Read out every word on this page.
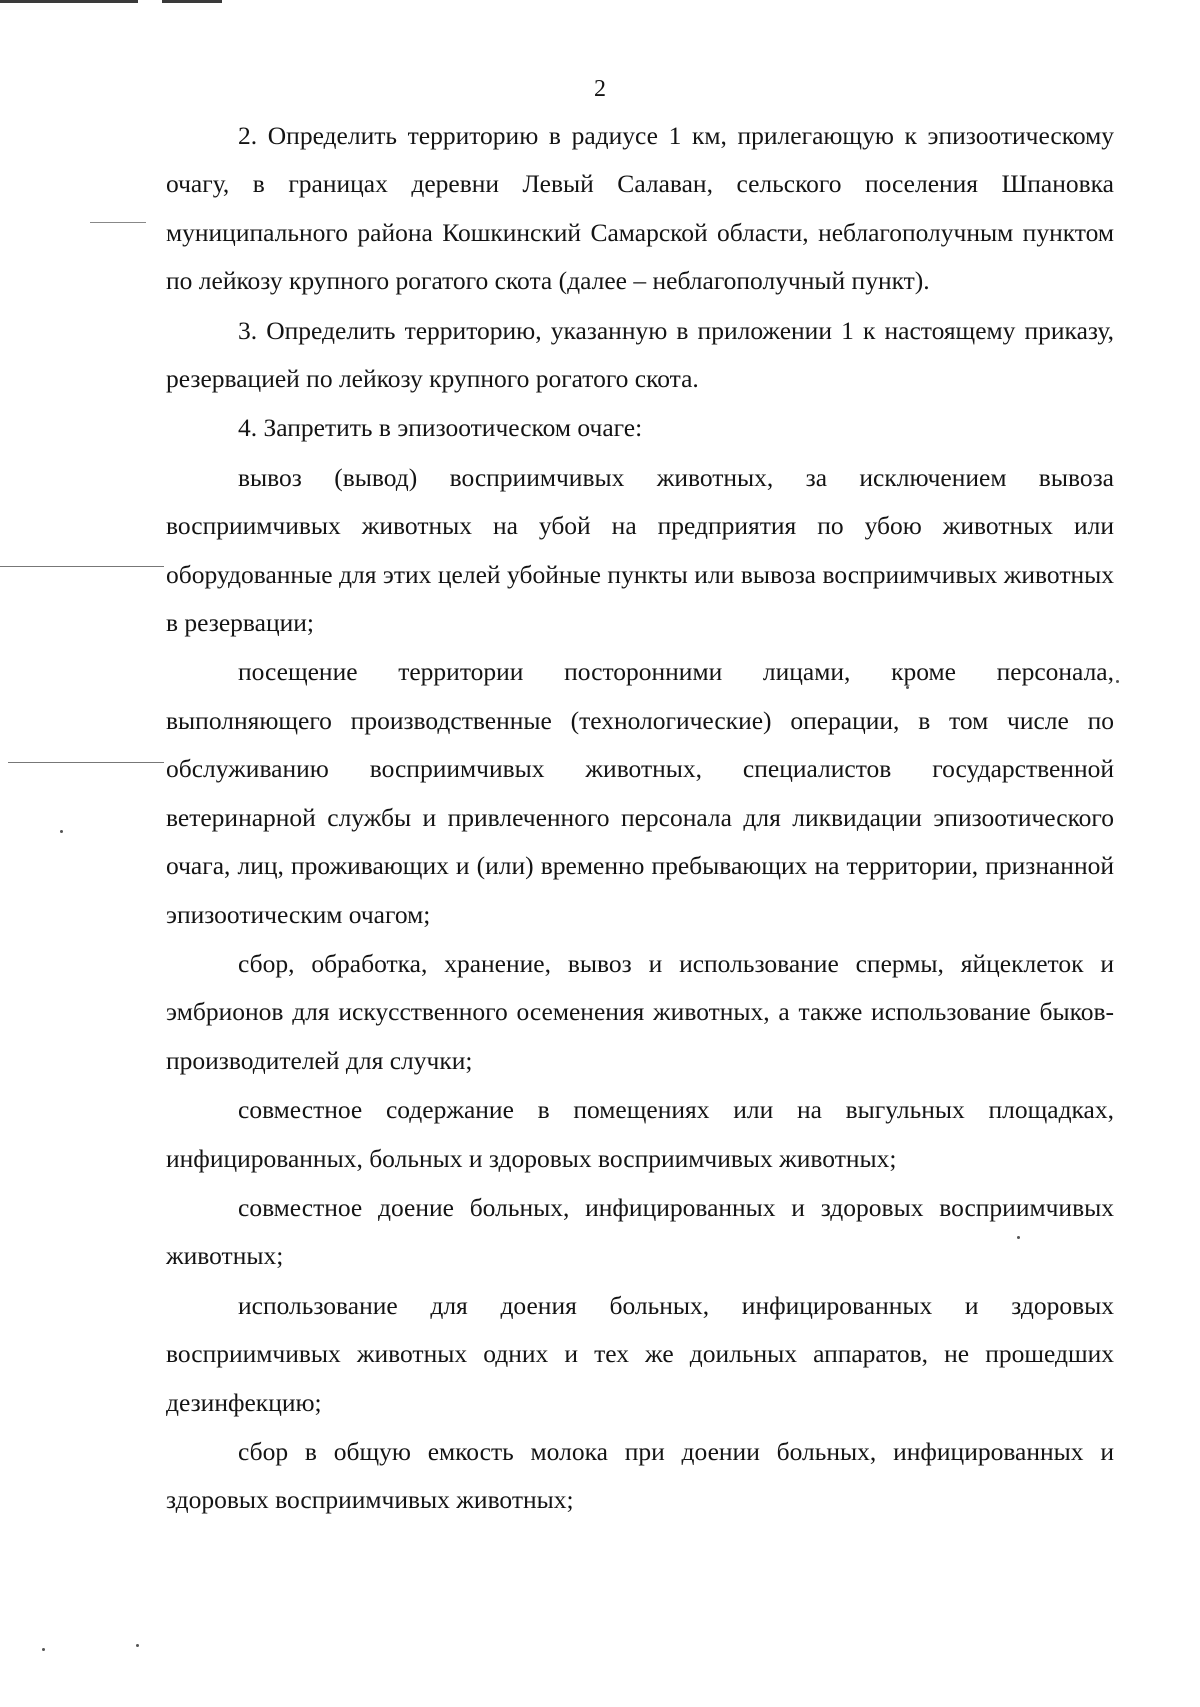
2

2. Определить территорию в радиусе 1 км, прилегающую к эпизоотическому очагу, в границах деревни Левый Салаван, сельского поселения Шпановка муниципального района Кошкинский Самарской области, неблагополучным пунктом по лейкозу крупного рогатого скота (далее – неблагополучный пункт).

3. Определить территорию, указанную в приложении 1 к настоящему приказу, резервацией по лейкозу крупного рогатого скота.

4. Запретить в эпизоотическом очаге:

вывоз (вывод) восприимчивых животных, за исключением вывоза восприимчивых животных на убой на предприятия по убою животных или оборудованные для этих целей убойные пункты или вывоза восприимчивых животных в резервации;

посещение территории посторонними лицами, кроме персонала, выполняющего производственные (технологические) операции, в том числе по обслуживанию восприимчивых животных, специалистов государственной ветеринарной службы и привлеченного персонала для ликвидации эпизоотического очага, лиц, проживающих и (или) временно пребывающих на территории, признанной эпизоотическим очагом;

сбор, обработка, хранение, вывоз и использование спермы, яйцеклеток и эмбрионов для искусственного осеменения животных, а также использование быков-производителей для случки;

совместное содержание в помещениях или на выгульных площадках, инфицированных, больных и здоровых восприимчивых животных;

совместное доение больных, инфицированных и здоровых восприимчивых животных;

использование для доения больных, инфицированных и здоровых восприимчивых животных одних и тех же доильных аппаратов, не прошедших дезинфекцию;

сбор в общую емкость молока при доении больных, инфицированных и здоровых восприимчивых животных;
